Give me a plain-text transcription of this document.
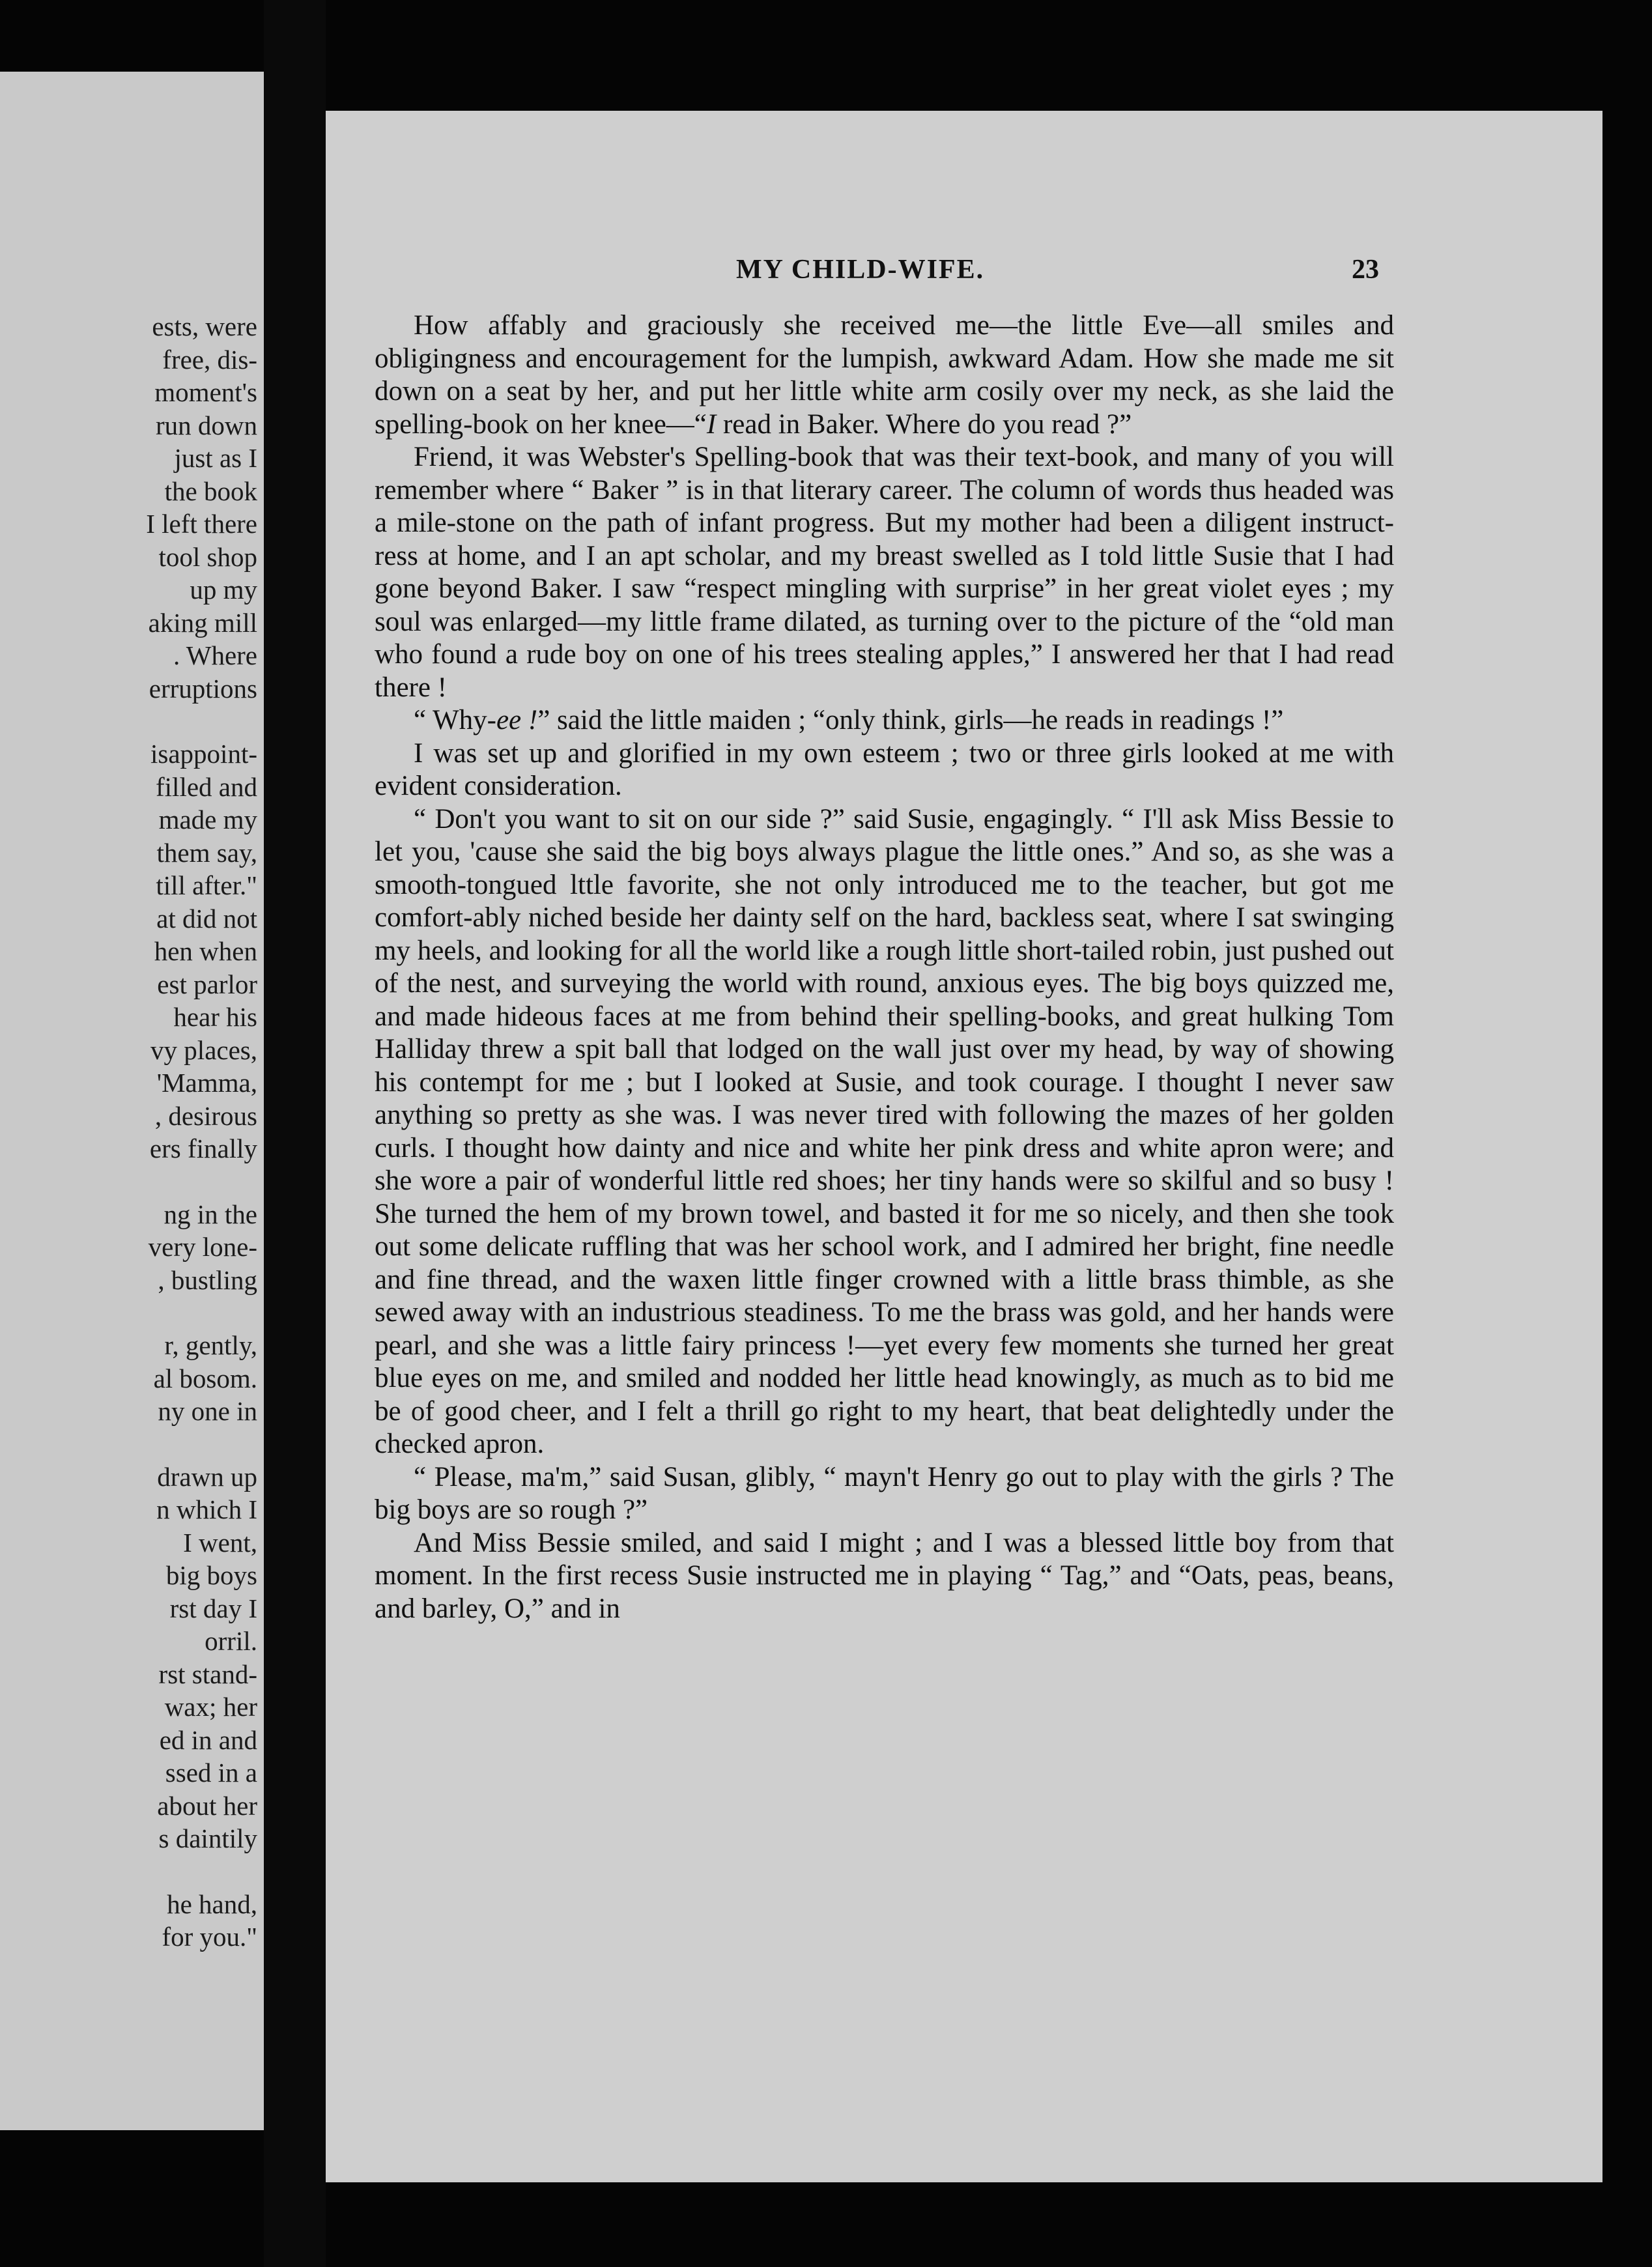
ests, were
free, dis-
moment's
run down
just as I
the book
I left there
tool shop
up my
aking mill
. Where
erruptions
isappoint-
filled and
made my
them say,
till after."
at did not
hen when
est parlor
hear his
vy places,
'Mamma,
, desirous
ers finally
ng in the
very lone-
, bustling
r, gently,
al bosom.
ny one in
drawn up
n which I
I went,
big boys
rst day I
orril.
rst stand-
wax; her
ed in and
ssed in a
about her
s daintily
he hand,
for you."
MY CHILD-WIFE.	23

How affably and graciously she received me—the little Eve—all smiles and obligingness and encouragement for the lumpish, awkward Adam. How she made me sit down on a seat by her, and put her little white arm cosily over my neck, as she laid the spelling-book on her knee—“I read in Baker. Where do you read ?”

Friend, it was Webster's Spelling-book that was their text-book, and many of you will remember where “ Baker ” is in that literary career. The column of words thus headed was a mile-stone on the path of infant progress. But my mother had been a diligent instruct-ress at home, and I an apt scholar, and my breast swelled as I told little Susie that I had gone beyond Baker. I saw “respect mingling with surprise” in her great violet eyes ; my soul was enlarged—my little frame dilated, as turning over to the picture of the “old man who found a rude boy on one of his trees stealing apples,” I answered her that I had read there !

“ Why-ee !” said the little maiden ; “only think, girls—he reads in readings !”

I was set up and glorified in my own esteem ; two or three girls looked at me with evident consideration.

“ Don't you want to sit on our side ?” said Susie, engagingly. “ I'll ask Miss Bessie to let you, 'cause she said the big boys always plague the little ones.” And so, as she was a smooth-tongued lttle favorite, she not only introduced me to the teacher, but got me comfort-ably niched beside her dainty self on the hard, backless seat, where I sat swinging my heels, and looking for all the world like a rough little short-tailed robin, just pushed out of the nest, and surveying the world with round, anxious eyes. The big boys quizzed me, and made hideous faces at me from behind their spelling-books, and great hulking Tom Halliday threw a spit ball that lodged on the wall just over my head, by way of showing his contempt for me ; but I looked at Susie, and took courage. I thought I never saw anything so pretty as she was. I was never tired with following the mazes of her golden curls. I thought how dainty and nice and white her pink dress and white apron were; and she wore a pair of wonderful little red shoes; her tiny hands were so skilful and so busy ! She turned the hem of my brown towel, and basted it for me so nicely, and then she took out some delicate ruffling that was her school work, and I admired her bright, fine needle and fine thread, and the waxen little finger crowned with a little brass thimble, as she sewed away with an industrious steadiness. To me the brass was gold, and her hands were pearl, and she was a little fairy princess !—yet every few moments she turned her great blue eyes on me, and smiled and nodded her little head knowingly, as much as to bid me be of good cheer, and I felt a thrill go right to my heart, that beat delightedly under the checked apron.

“ Please, ma'm,” said Susan, glibly, “ mayn't Henry go out to play with the girls ? The big boys are so rough ?”

And Miss Bessie smiled, and said I might ; and I was a blessed little boy from that moment. In the first recess Susie instructed me in playing “ Tag,” and “Oats, peas, beans, and barley, O,” and in
